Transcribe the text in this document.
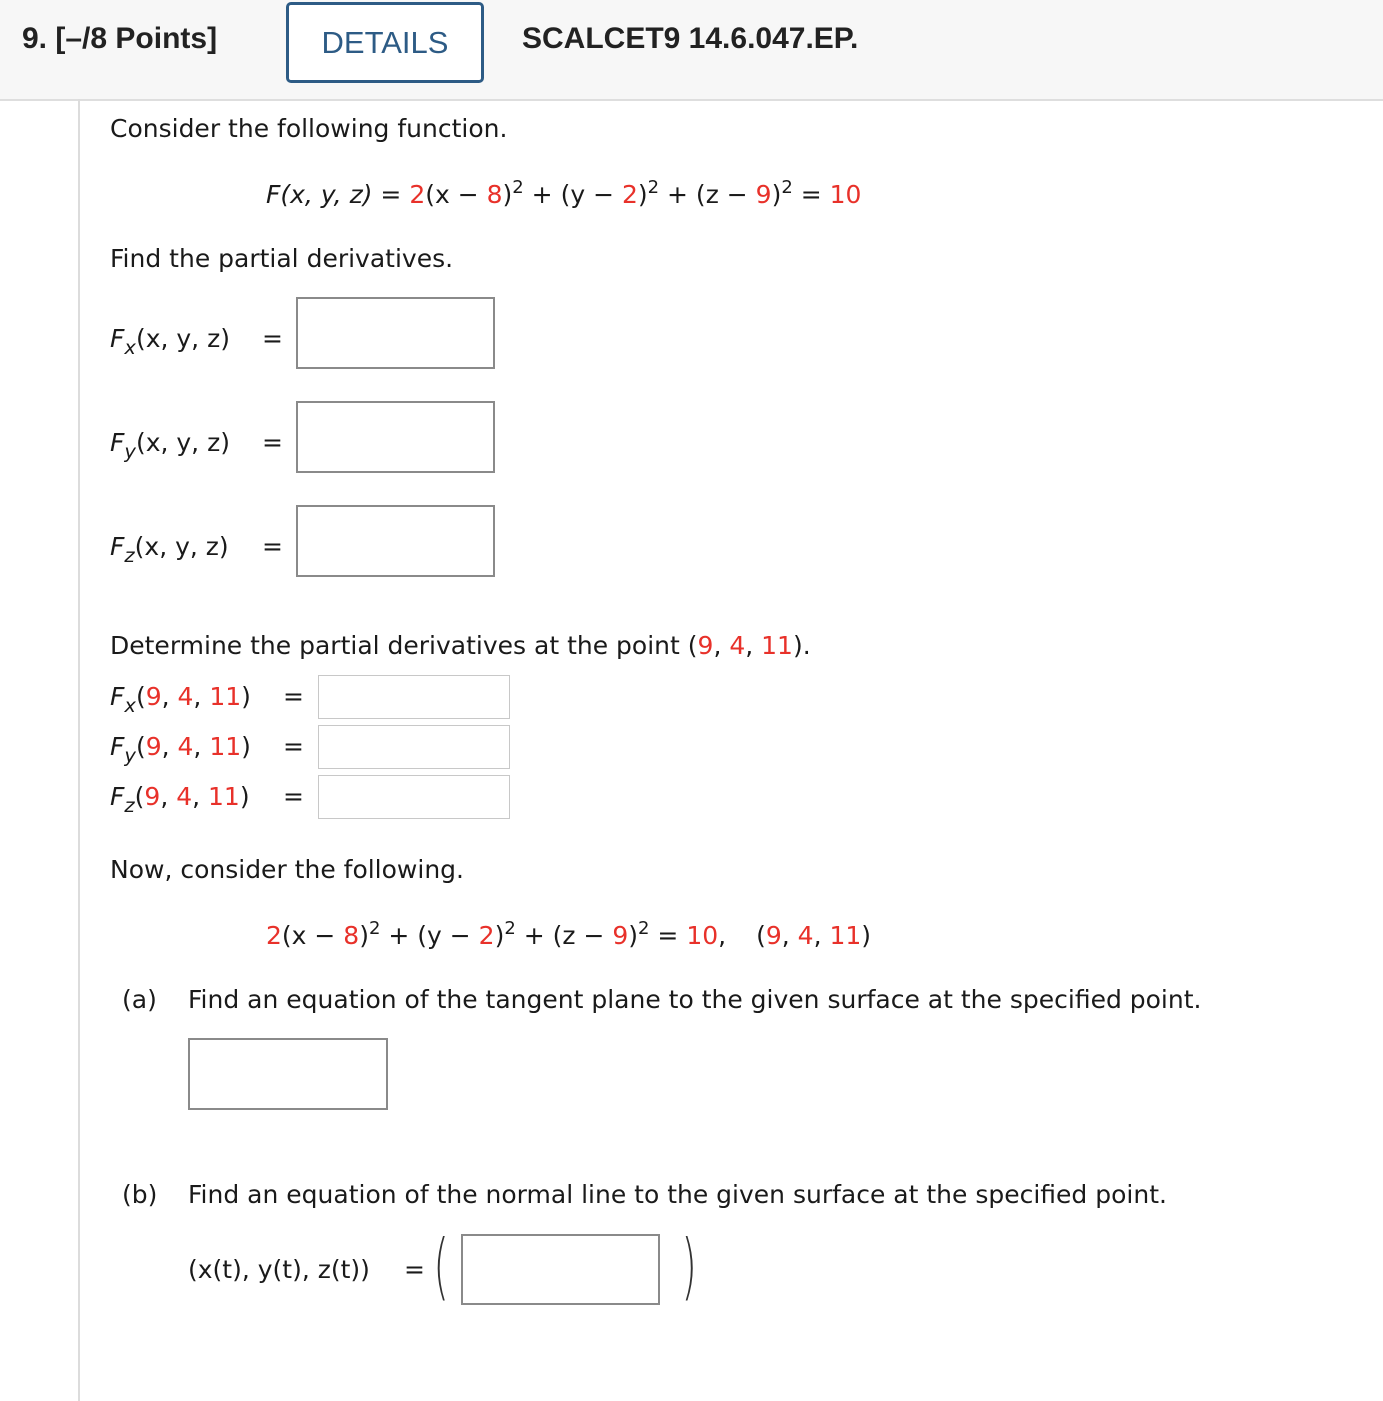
9. [–/8 Points]	DETAILS	SCALCET9 14.6.047.EP.
Consider the following function.
F(x, y, $z) = 2(x - 8)^2 + (y - 2)^2 + (z - 9)^2 = 10$
Find the partial derivatives.
$F_x(x$, y, z) =
$F_y(x$, y, z) =
$F_z(x$, y, z) =
Determine the partial derivatives at the point (9, 4, 11).
$F_x(9$, 4, 11) =
$F_y(9$, 4, 11) =
$F_z(9$, 4, 11) =
Now, consider the following.
$2(x - 8)^2 + (y - 2)^2 + (z - 9)^2 = 10$, (9, 4, 11)
(a) Find an equation of the tangent plane to the given surface at the specified point.
(b) Find an equation of the normal line to the given surface at the specified point.
(x(t), y(t), z(t)) = (	)
